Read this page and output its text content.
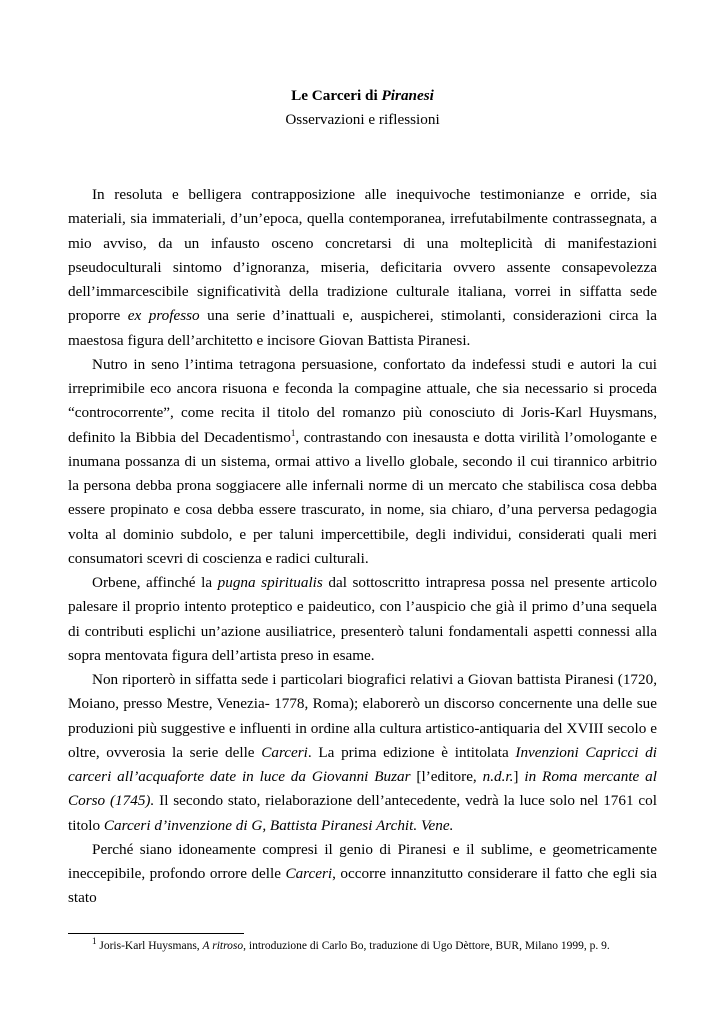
Le Carceri di Piranesi
Osservazioni e riflessioni

In resoluta e belligera contrapposizione alle inequivoche testimonianze e orride, sia materiali, sia immateriali, d’un’epoca, quella contemporanea, irrefutabilmente contrassegnata, a mio avviso, da un infausto osceno concretarsi di una molteplicità di manifestazioni pseudoculturali sintomo d’ignoranza, miseria, deficitaria ovvero assente consapevolezza dell’immarcescibile significatività della tradizione culturale italiana, vorrei in siffatta sede proporre ex professo una serie d’inattuali e, auspicherei, stimolanti, considerazioni circa la maestosa figura dell’architetto e incisore Giovan Battista Piranesi.

Nutro in seno l’intima tetragona persuasione, confortato da indefessi studi e autori la cui irreprimibile eco ancora risuona e feconda la compagine attuale, che sia necessario si proceda “controcorrente”, come recita il titolo del romanzo più conosciuto di Joris-Karl Huysmans, definito la Bibbia del Decadentismo$^1$, contrastando con inesausta e dotta virilità l’omologante e inumana possanza di un sistema, ormai attivo a livello globale, secondo il cui tirannico arbitrio la persona debba prona soggiacere alle infernali norme di un mercato che stabilisca cosa debba essere propinato e cosa debba essere trascurato, in nome, sia chiaro, d’una perversa pedagogia volta al dominio subdolo, e per taluni impercettibile, degli individui, considerati quali meri consumatori scevri di coscienza e radici culturali.

Orbene, affinché la pugna spiritualis dal sottoscritto intrapresa possa nel presente articolo palesare il proprio intento proteptico e paideutico, con l’auspicio che già il primo d’una sequela di contributi esplichi un’azione ausiliatrice, presenterò taluni fondamentali aspetti connessi alla sopra mentovata figura dell’artista preso in esame.

Non riporterò in siffatta sede i particolari biografici relativi a Giovan battista Piranesi (1720, Moiano, presso Mestre, Venezia- 1778, Roma); elaborerò un discorso concernente una delle sue produzioni più suggestive e influenti in ordine alla cultura artistico-antiquaria del XVIII secolo e oltre, ovverosia la serie delle Carceri. La prima edizione è intitolata Invenzioni Capricci di carceri all’acquaforte date in luce da Giovanni Buzar [l’editore, n.d.r.] in Roma mercante al Corso (1745). Il secondo stato, rielaborazione dell’antecedente, vedrà la luce solo nel 1761 col titolo Carceri d’invenzione di G, Battista Piranesi Archit. Vene.

Perché siano idoneamente compresi il genio di Piranesi e il sublime, e geometricamente ineccepibile, profondo orrore delle Carceri, occorre innanzitutto considerare il fatto che egli sia stato

$^1$ Joris-Karl Huysmans, A ritroso, introduzione di Carlo Bo, traduzione di Ugo Dèttore, BUR, Milano 1999, p. 9.
